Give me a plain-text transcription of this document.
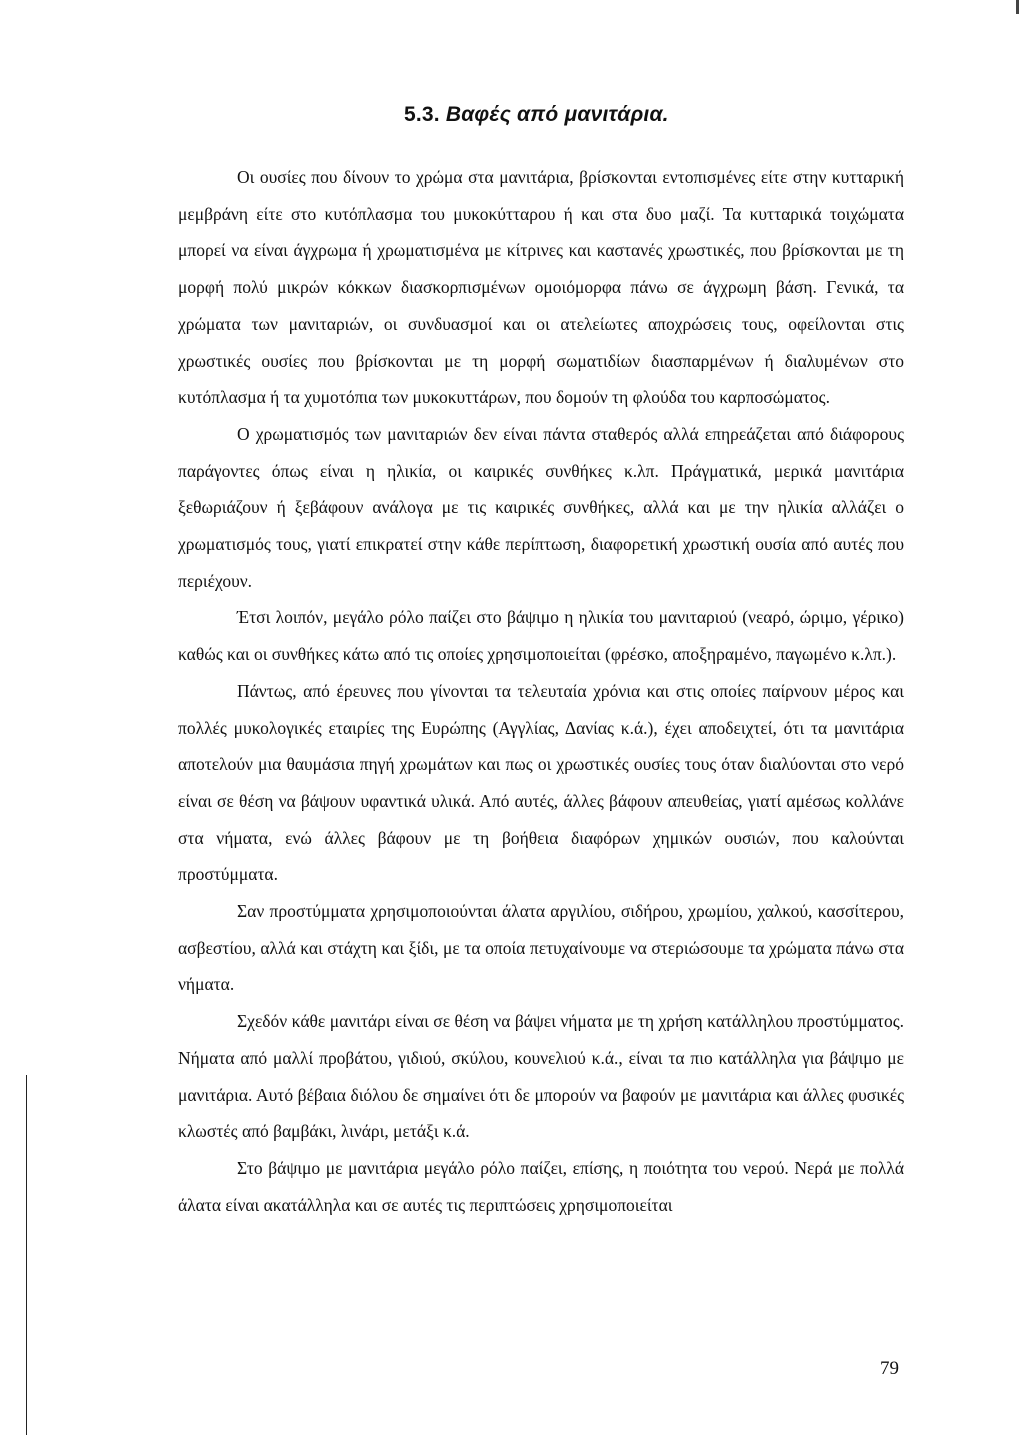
5.3. Βαφές από μανιτάρια.

Οι ουσίες που δίνουν το χρώμα στα μανιτάρια, βρίσκονται εντοπισμένες είτε στην κυτταρική μεμβράνη είτε στο κυτόπλασμα του μυκοκύτταρου ή και στα δυο μαζί. Τα κυτταρικά τοιχώματα μπορεί να είναι άγχρωμα ή χρωματισμένα με κίτρινες και καστανές χρωστικές, που βρίσκονται με τη μορφή πολύ μικρών κόκκων διασκορπισμένων ομοιόμορφα πάνω σε άγχρωμη βάση. Γενικά, τα χρώματα των μανιταριών, οι συνδυασμοί και οι ατελείωτες αποχρώσεις τους, οφείλονται στις χρωστικές ουσίες που βρίσκονται με τη μορφή σωματιδίων διασπαρμένων ή διαλυμένων στο κυτόπλασμα ή τα χυμοτόπια των μυκοκυττάρων, που δομούν τη φλούδα του καρποσώματος.

Ο χρωματισμός των μανιταριών δεν είναι πάντα σταθερός αλλά επηρεάζεται από διάφορους παράγοντες όπως είναι η ηλικία, οι καιρικές συνθήκες κ.λπ. Πράγματικά, μερικά μανιτάρια ξεθωριάζουν ή ξεβάφουν ανάλογα με τις καιρικές συνθήκες, αλλά και με την ηλικία αλλάζει ο χρωματισμός τους, γιατί επικρατεί στην κάθε περίπτωση, διαφορετική χρωστική ουσία από αυτές που περιέχουν.

Έτσι λοιπόν, μεγάλο ρόλο παίζει στο βάψιμο η ηλικία του μανιταριού (νεαρό, ώριμο, γέρικο) καθώς και οι συνθήκες κάτω από τις οποίες χρησιμοποιείται (φρέσκο, αποξηραμένο, παγωμένο κ.λπ.).

Πάντως, από έρευνες που γίνονται τα τελευταία χρόνια και στις οποίες παίρνουν μέρος και πολλές μυκολογικές εταιρίες της Ευρώπης (Αγγλίας, Δανίας κ.ά.), έχει αποδειχτεί, ότι τα μανιτάρια αποτελούν μια θαυμάσια πηγή χρωμάτων και πως οι χρωστικές ουσίες τους όταν διαλύονται στο νερό είναι σε θέση να βάψουν υφαντικά υλικά. Από αυτές, άλλες βάφουν απευθείας, γιατί αμέσως κολλάνε στα νήματα, ενώ άλλες βάφουν με τη βοήθεια διαφόρων χημικών ουσιών, που καλούνται προστύμματα.

Σαν προστύμματα χρησιμοποιούνται άλατα αργιλίου, σιδήρου, χρωμίου, χαλκού, κασσίτερου, ασβεστίου, αλλά και στάχτη και ξίδι, με τα οποία πετυχαίνουμε να στεριώσουμε τα χρώματα πάνω στα νήματα.

Σχεδόν κάθε μανιτάρι είναι σε θέση να βάψει νήματα με τη χρήση κατάλληλου προστύμματος. Νήματα από μαλλί προβάτου, γιδιού, σκύλου, κουνελιού κ.ά., είναι τα πιο κατάλληλα για βάψιμο με μανιτάρια. Αυτό βέβαια διόλου δε σημαίνει ότι δε μπορούν να βαφούν με μανιτάρια και άλλες φυσικές κλωστές από βαμβάκι, λινάρι, μετάξι κ.ά.

Στο βάψιμο με μανιτάρια μεγάλο ρόλο παίζει, επίσης, η ποιότητα του νερού. Νερά με πολλά άλατα είναι ακατάλληλα και σε αυτές τις περιπτώσεις χρησιμοποιείται

79
